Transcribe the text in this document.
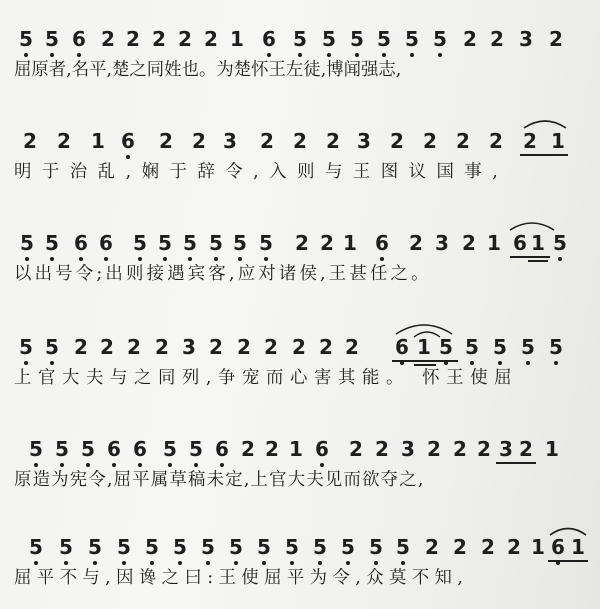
5 5 6 2 2 2 2 2 1 6 5 5 5 5 5 5 2 2 3 2
屈原者,名平,楚之同姓也。为楚怀王左徒,博闻强志,
2 2 1 6 2 2 3 2 2 2 3 2 2 2 2 2 1
明于治乱,娴于辞令,入则与王图议国事,
5 5 6 6 5 5 5 5 5 5 2 2 1 6 2 3 2 1 6 1 5
以出号令;出则接遇宾客,应对诸侯,王甚任之。
5 5 2 2 2 2 3 2 2 2 2 2 2 6 1 5 5 5 5 5
上官大夫与之同列,争宠而心害其能。 怀王使屈
5 5 5 6 6 5 5 6 2 2 1 6 2 2 3 2 2 2 3 2 1
原造为宪令,屈平属草稿未定,上官大夫见而欲夺之,
5 5 5 5 5 5 5 5 5 5 5 5 5 5 2 2 2 2 1 6 1
屈平不与,因谗之曰:王使屈平为令,众莫不知,
